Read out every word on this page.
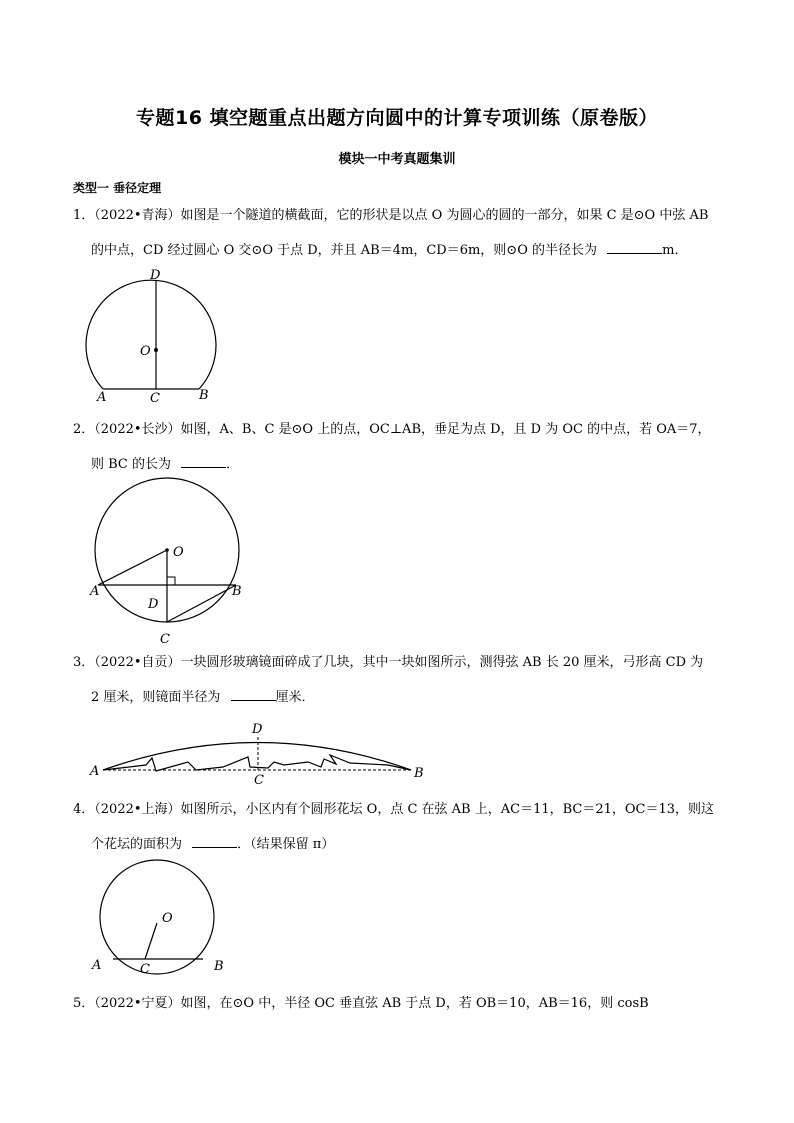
专题16 填空题重点出题方向圆中的计算专项训练（原卷版）
模块一中考真题集训
类型一 垂径定理
1．（2022•青海）如图是一个隧道的横截面，它的形状是以点 O 为圆心的圆的一部分，如果 C 是⊙O 中弦 AB
的中点，CD 经过圆心 O 交⊙O 于点 D，并且 AB＝4m，CD＝6m，则⊙O 的半径长为	m．
D
O
A	C	B
2．（2022•长沙）如图，A、B、C 是⊙O 上的点，OC⊥AB，垂足为点 D，且 D 为 OC 的中点，若 OA＝7，
则 BC 的长为	．
O
A	B
D
C
3．（2022•自贡）一块圆形玻璃镜面碎成了几块，其中一块如图所示，测得弦 AB 长 20 厘米，弓形高 CD 为
2 厘米，则镜面半径为	厘米．
D
A
C	B
4．（2022•上海）如图所示，小区内有个圆形花坛 O，点 C 在弦 AB 上，AC＝11，BC＝21，OC＝13，则这
个花坛的面积为	．（结果保留 π）
O
A	C	B
5．（2022•宁夏）如图，在⊙O 中，半径 OC 垂直弦 AB 于点 D，若 OB＝10，AB＝16，则 cosB
